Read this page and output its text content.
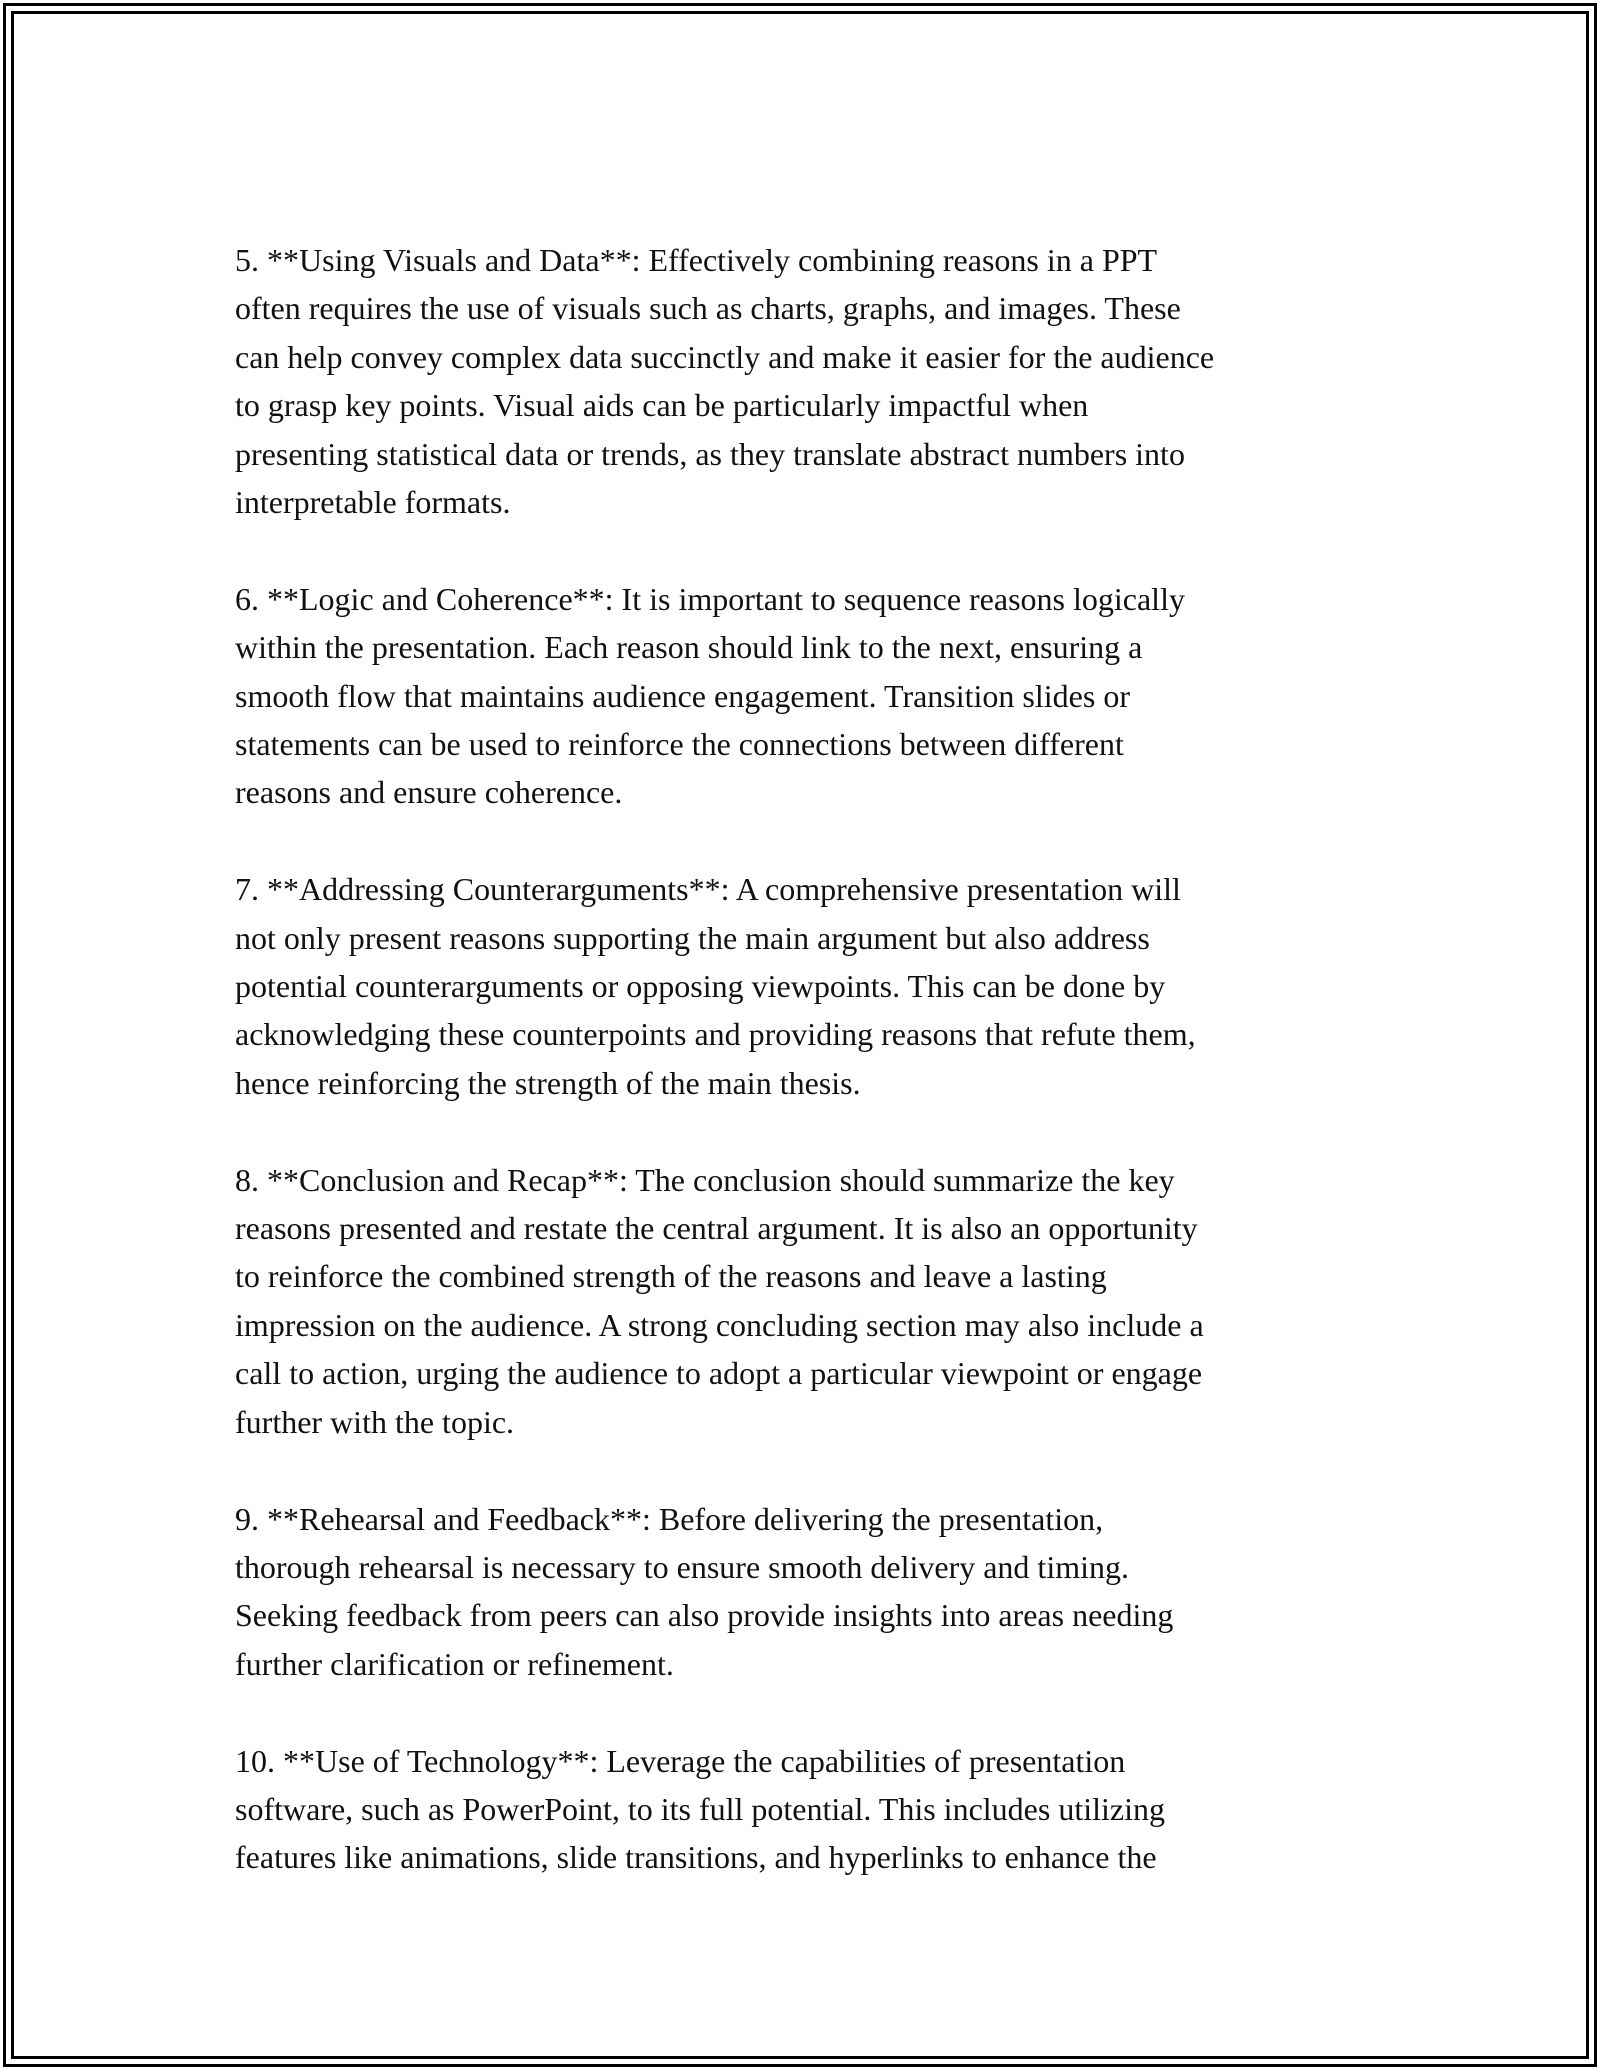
5. **Using Visuals and Data**: Effectively combining reasons in a PPT
often requires the use of visuals such as charts, graphs, and images. These
can help convey complex data succinctly and make it easier for the audience
to grasp key points. Visual aids can be particularly impactful when
presenting statistical data or trends, as they translate abstract numbers into
interpretable formats.

6. **Logic and Coherence**: It is important to sequence reasons logically
within the presentation. Each reason should link to the next, ensuring a
smooth flow that maintains audience engagement. Transition slides or
statements can be used to reinforce the connections between different
reasons and ensure coherence.

7. **Addressing Counterarguments**: A comprehensive presentation will
not only present reasons supporting the main argument but also address
potential counterarguments or opposing viewpoints. This can be done by
acknowledging these counterpoints and providing reasons that refute them,
hence reinforcing the strength of the main thesis.

8. **Conclusion and Recap**: The conclusion should summarize the key
reasons presented and restate the central argument. It is also an opportunity
to reinforce the combined strength of the reasons and leave a lasting
impression on the audience. A strong concluding section may also include a
call to action, urging the audience to adopt a particular viewpoint or engage
further with the topic.

9. **Rehearsal and Feedback**: Before delivering the presentation,
thorough rehearsal is necessary to ensure smooth delivery and timing.
Seeking feedback from peers can also provide insights into areas needing
further clarification or refinement.

10. **Use of Technology**: Leverage the capabilities of presentation
software, such as PowerPoint, to its full potential. This includes utilizing
features like animations, slide transitions, and hyperlinks to enhance the
